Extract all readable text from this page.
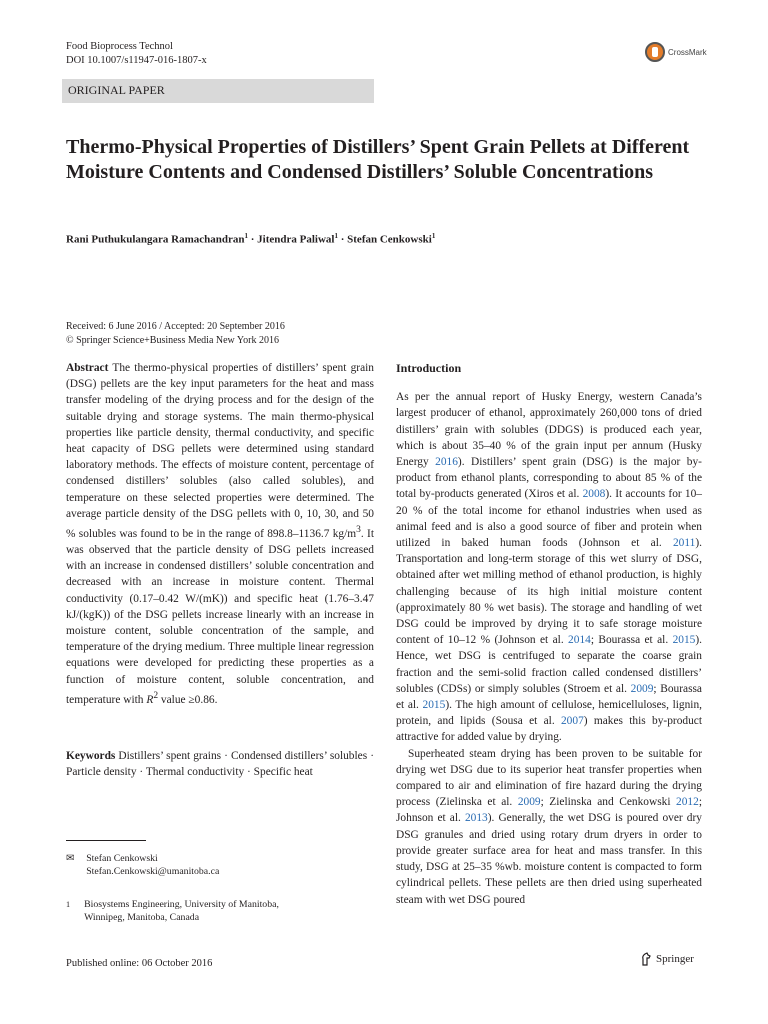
Food Bioprocess Technol
DOI 10.1007/s11947-016-1807-x
CrossMark
ORIGINAL PAPER
Thermo-Physical Properties of Distillers’ Spent Grain Pellets at Different Moisture Contents and Condensed Distillers’ Soluble Concentrations
Rani Puthukulangara Ramachandran$^1$ · Jitendra Paliwal$^1$ · Stefan Cenkowski$^1$
Received: 6 June 2016 / Accepted: 20 September 2016
© Springer Science+Business Media New York 2016

Abstract The thermo-physical properties of distillers’ spent grain (DSG) pellets are the key input parameters for the heat and mass transfer modeling of the drying process and for the design of the suitable drying and storage systems. The main thermo-physical properties like particle density, thermal conductivity, and specific heat capacity of DSG pellets were determined using standard laboratory methods. The effects of moisture content, percentage of condensed distillers’ solubles (also called solubles), and temperature on these selected properties were determined. The average particle density of the DSG pellets with 0, 10, 30, and 50 % solubles was found to be in the range of 898.8–1136.7 $kg/m^3$. It was observed that the particle density of DSG pellets increased with an increase in condensed distillers’ soluble concentration and decreased with an increase in moisture content. Thermal conductivity (0.17–0.42 W/(mK)) and specific heat (1.76–3.47 kJ/(kgK)) of the DSG pellets increase linearly with an increase in moisture content, soluble concentration of the sample, and temperature of the drying medium. Three multiple linear regression equations were developed for predicting these properties as a function of moisture content, soluble concentration, and temperature with $R^2$ value ≥0.86.

Keywords Distillers’ spent grains · Condensed distillers’ solubles · Particle density · Thermal conductivity · Specific heat

✉ Stefan Cenkowski
Stefan.Cenkowski@umanitoba.ca
1 Biosystems Engineering, University of Manitoba,
Winnipeg, Manitoba, Canada
Published online: 06 October 2016	Springer
Introduction

As per the annual report of Husky Energy, western Canada’s largest producer of ethanol, approximately 260,000 tons of dried distillers’ grain with solubles (DDGS) is produced each year, which is about 35–40 % of the grain input per annum (Husky Energy 2016). Distillers’ spent grain (DSG) is the major by-product from ethanol plants, corresponding to about 85 % of the total by-products generated (Xiros et al. 2008). It accounts for 10–20 % of the total income for ethanol industries when used as animal feed and is also a good source of fiber and protein when utilized in baked human foods (Johnson et al. 2011). Transportation and long-term storage of this wet slurry of DSG, obtained after wet milling method of ethanol production, is highly challenging because of its high initial moisture content (approximately 80 % wet basis). The storage and handling of wet DSG could be improved by drying it to safe storage moisture content of 10–12 % (Johnson et al. 2014; Bourassa et al. 2015). Hence, wet DSG is centrifuged to separate the coarse grain fraction and the semi-solid fraction called condensed distillers’ solubles (CDSs) or simply solubles (Stroem et al. 2009; Bourassa et al. 2015). The high amount of cellulose, hemicelluloses, lignin, protein, and lipids (Sousa et al. 2007) makes this by-product attractive for added value by drying.

Superheated steam drying has been proven to be suitable for drying wet DSG due to its superior heat transfer properties when compared to air and elimination of fire hazard during the drying process (Zielinska et al. 2009; Zielinska and Cenkowski 2012; Johnson et al. 2013). Generally, the wet DSG is poured over dry DSG granules and dried using rotary drum dryers in order to provide greater surface area for heat and mass transfer. In this study, DSG at 25–35 %wb. moisture content is compacted to form cylindrical pellets. These pellets are then dried using superheated steam with wet DSG poured
